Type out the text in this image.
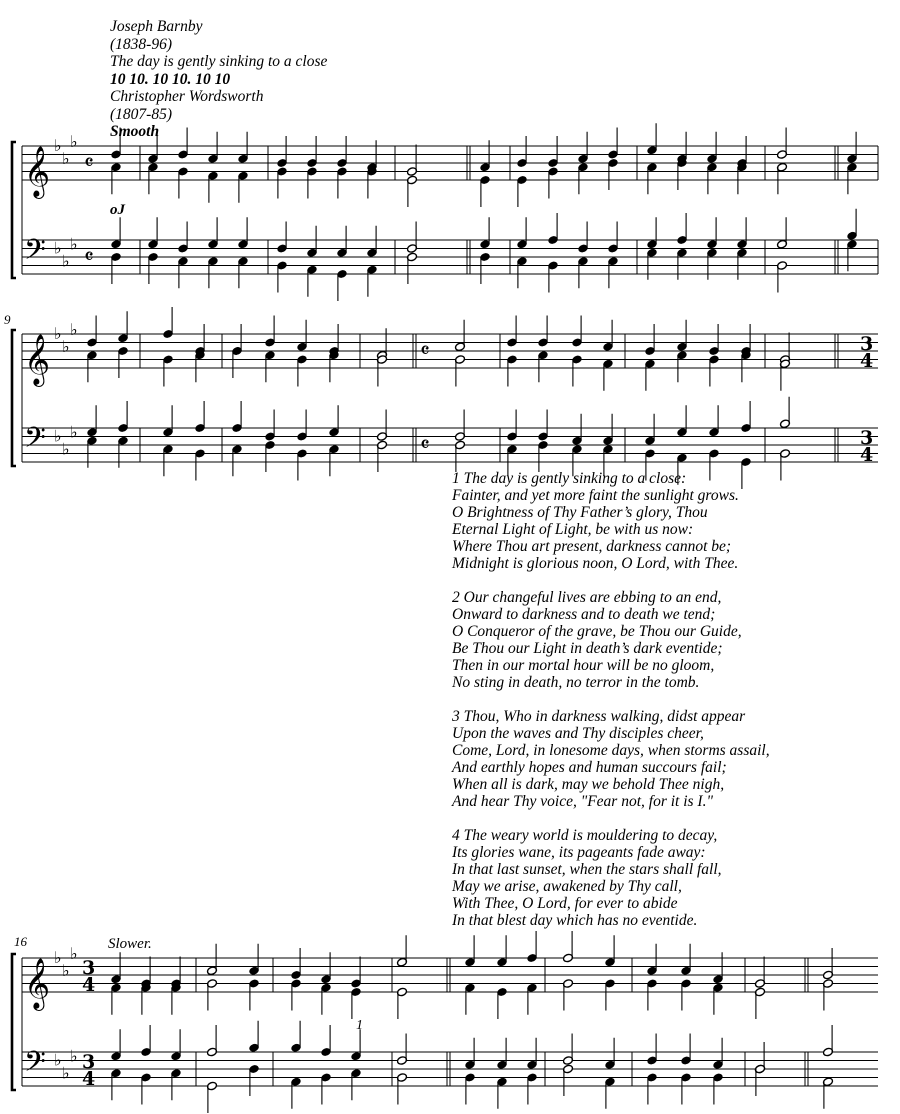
Joseph Barnby
(1838-96)
The day is gently sinking to a close
10 10. 10 10. 10 10
Christopher Wordsworth
(1807-85)
Smooth
𝄞
𝄢
♭
♭
♭
♭
♭
♭
𝄴
𝄴
𝄞
𝄢
♭
♭
♭
♭
♭
♭
𝄴
𝄴
3
4
3
4
𝄞
𝄢
♭
♭
♭
♭
♭
♭
3
4
3
4
oJ
9
16	Slower.
1
1 The day is gently sinking to a close:
Fainter, and yet more faint the sunlight grows.
O Brightness of Thy Father’s glory, Thou
Eternal Light of Light, be with us now:
Where Thou art present, darkness cannot be;
Midnight is glorious noon, O Lord, with Thee.
2 Our changeful lives are ebbing to an end,
Onward to darkness and to death we tend;
O Conqueror of the grave, be Thou our Guide,
Be Thou our Light in death’s dark eventide;
Then in our mortal hour will be no gloom,
No sting in death, no terror in the tomb.
3 Thou, Who in darkness walking, didst appear
Upon the waves and Thy disciples cheer,
Come, Lord, in lonesome days, when storms assail,
And earthly hopes and human succours fail;
When all is dark, may we behold Thee nigh,
And hear Thy voice, "Fear not, for it is I."
4 The weary world is mouldering to decay,
Its glories wane, its pageants fade away:
In that last sunset, when the stars shall fall,
May we arise, awakened by Thy call,
With Thee, O Lord, for ever to abide
In that blest day which has no eventide.
